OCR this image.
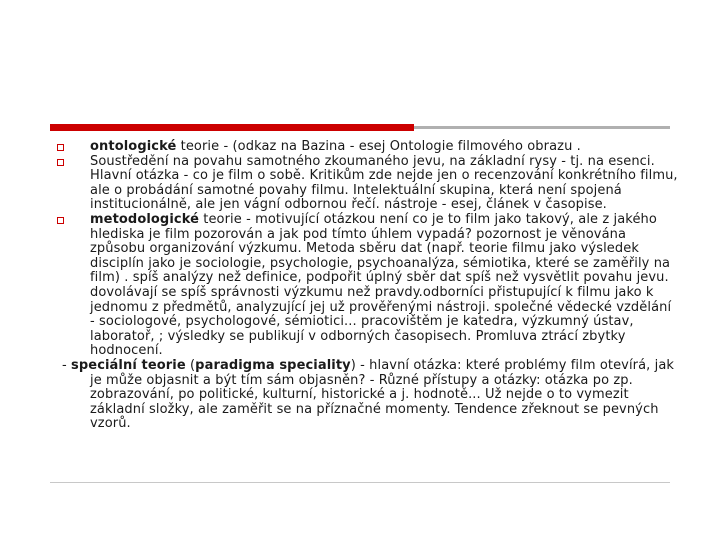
ontologické teorie - (odkaz na Bazina - esej Ontologie filmového obrazu .

Soustředění na povahu samotného zkoumaného jevu, na základní rysy - tj. na esenci. Hlavní otázka - co je film o sobě. Kritikům zde nejde jen o recenzování konkrétního filmu, ale o probádání samotné povahy filmu. Intelektuální skupina, která není spojená institucionálně, ale jen vágní odbornou řečí. nástroje - esej, článek v časopise.

metodologické teorie - motivující otázkou není co je to film jako takový, ale z jakého hlediska je film pozorován a jak pod tímto úhlem vypadá? pozornost je věnována způsobu organizování výzkumu. Metoda sběru dat (např. teorie filmu jako výsledek disciplín jako je sociologie, psychologie, psychoanalýza, sémiotika, které se zaměřily na film) . spíš analýzy než definice, podpořit úplný sběr dat spíš než vysvětlit povahu jevu. dovolávají se spíš správnosti výzkumu než pravdy.odborníci přistupující k filmu jako k jednomu z předmětů, analyzující jej už prověřenými nástroji. společné vědecké vzdělání - sociologové, psychologové, sémiotici... pracovištěm je katedra, výzkumný ústav, laboratoř, ; výsledky se publikují v odborných časopisech. Promluva ztrácí zbytky hodnocení.

- speciální teorie (paradigma speciality) - hlavní otázka: které problémy film otevírá, jak je může objasnit a být tím sám objasněn? - Různé přístupy a otázky: otázka po zp. zobrazování, po politické, kulturní, historické a j. hodnotě... Už nejde o to vymezit základní složky, ale zaměřit se na příznačné momenty. Tendence zřeknout se pevných vzorů.
